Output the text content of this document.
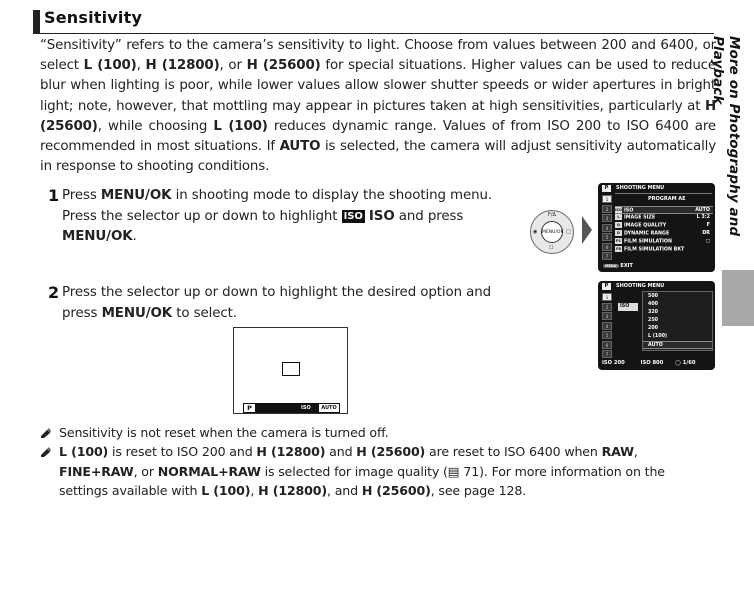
Sensitivity
More on Photography and Playback
“Sensitivity” refers to the camera’s sensitivity to light. Choose from values between 200 and 6400, or select L (100), H (12800), or H (25600) for special situations. Higher values can be used to reduce blur when lighting is poor, while lower values allow slower shutter speeds or wider apertures in bright light; note, however, that mottling may appear in pictures taken at high sensitivities, particularly at H (25600), while choosing L (100) reduces dynamic range. Values of from ISO 200 to ISO 6400 are recommended in most situations. If AUTO is selected, the camera will adjust sensitivity automatically in response to shooting conditions.
1 Press MENU/OK in shooting mode to display the shooting menu. Press the selector up or down to highlight ISO ISO and press MENU/OK.
2 Press the selector up or down to highlight the desired option and press MENU/OK to select.
F/Δ
◉	□
☐
MENU/OK
P	SHOOTING MENU
PROGRAM AE
1
2
3
4
5
6
7
ISO ISO	AUTO
L IMAGE SIZE	L 3:2
Q IMAGE QUALITY	F
D DYNAMIC RANGE	DR
FS FILM SIMULATION	□
FB FILM SIMULATION BKT
MENU EXIT
P	SHOOTING MENU
1
2
3
4
5
6
7
ISO
500
400
320
250
200
L (100)
AUTO
ISO 200	ISO 800 ◯ 1/60
P	ISO	AUTO
Sensitivity is not reset when the camera is turned off.
L (100) is reset to ISO 200 and H (12800) and H (25600) are reset to ISO 6400 when RAW, FINE+RAW, or NORMAL+RAW is selected for image quality (▤ 71). For more information on the settings available with L (100), H (12800), and H (25600), see page 128.
